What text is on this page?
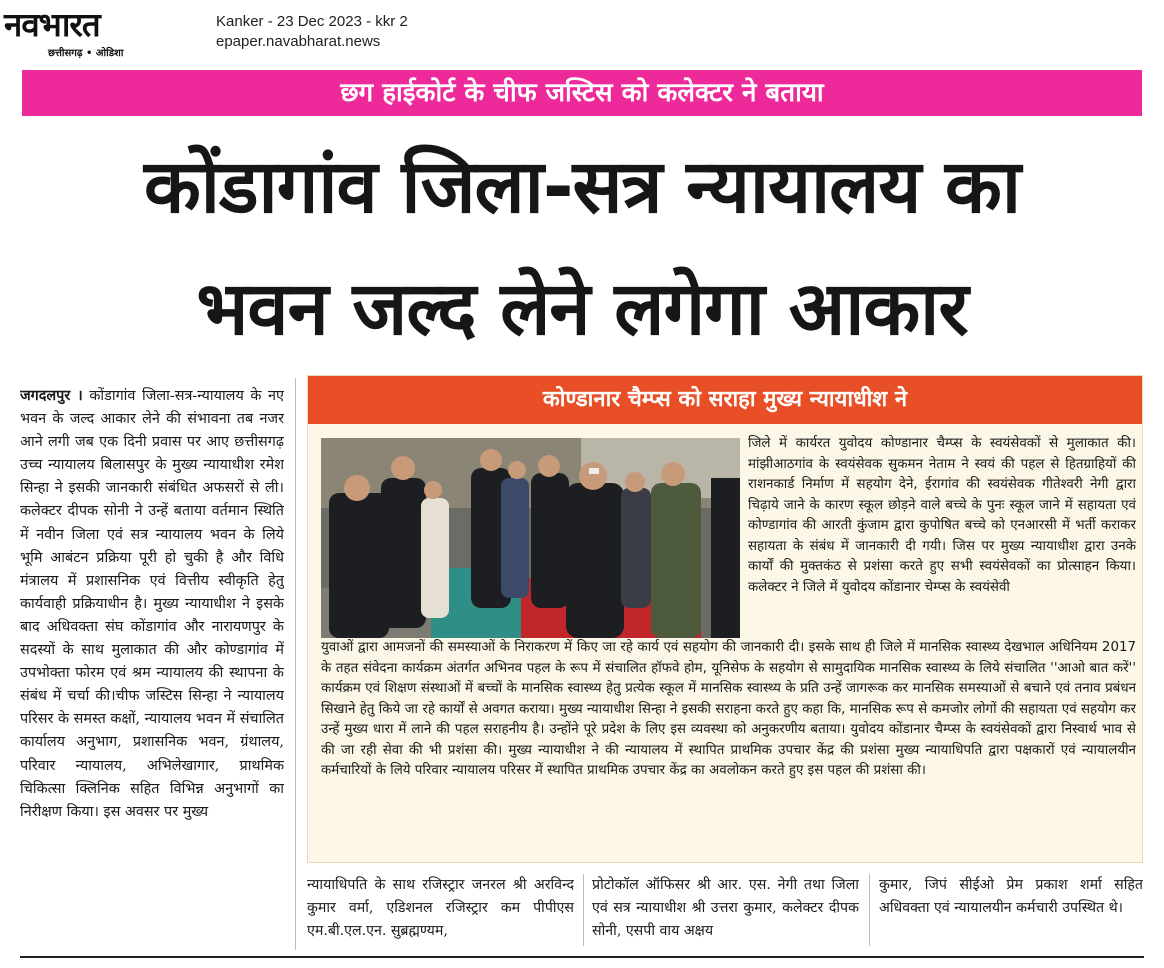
नवभारत
छत्तीसगढ़ • ओडिशा
Kanker - 23 Dec 2023 - kkr 2
epaper.navabharat.news
छग हाईकोर्ट के चीफ जस्टिस को कलेक्टर ने बताया
कोंडागांव जिला-सत्र न्यायालय का
भवन जल्द लेने लगेगा आकार
जगदलपुर । कोंडागांव जिला-सत्र-न्यायालय के नए भवन के जल्द आकार लेने की संभावना तब नजर आने लगी जब एक दिनी प्रवास पर आए छत्तीसगढ़ उच्च न्यायालय बिलासपुर के मुख्य न्यायाधीश रमेश सिन्हा ने इसकी जानकारी संबंधित अफसरों से ली। कलेक्टर दीपक सोनी ने उन्हें बताया वर्तमान स्थिति में नवीन जिला एवं सत्र न्यायालय भवन के लिये भूमि आबंटन प्रक्रिया पूरी हो चुकी है और विधि मंत्रालय में प्रशासनिक एवं वित्तीय स्वीकृति हेतु कार्यवाही प्रक्रियाधीन है। मुख्य न्यायाधीश ने इसके बाद अधिवक्ता संघ कोंडागांव और नारायणपुर के सदस्यों के साथ मुलाकात की और कोण्डागांव में उपभोक्ता फोरम एवं श्रम न्यायालय की स्थापना के संबंध में चर्चा की।चीफ जस्टिस सिन्हा ने न्यायालय परिसर के समस्त कक्षों, न्यायालय भवन में संचालित कार्यालय अनुभाग, प्रशासनिक भवन, ग्रंथालय, परिवार न्यायालय, अभिलेखागार, प्राथमिक चिकित्सा क्लिनिक सहित विभिन्न अनुभागों का निरीक्षण किया। इस अवसर पर मुख्य
कोण्डानार चैम्प्स को सराहा मुख्य न्यायाधीश ने
जिले में कार्यरत युवोदय कोण्डानार चैम्प्स के स्वयंसेवकों से मुलाकात की। मांझीआठगांव के स्वयंसेवक सुकमन नेताम ने स्वयं की पहल से हितग्राहियों की राशनकार्ड निर्माण में सहयोग देने, ईरागांव की स्वयंसेवक गीतेश्वरी नेगी द्वारा चिढ़ाये जाने के कारण स्कूल छोड़ने वाले बच्चे के पुनः स्कूल जाने में सहायता एवं कोण्डागांव की आरती कुंजाम द्वारा कुपोषित बच्चे को एनआरसी में भर्ती कराकर सहायता के संबंध में जानकारी दी गयी। जिस पर मुख्य न्यायाधीश द्वारा उनके कार्यों की मुक्तकंठ से प्रशंसा करते हुए सभी स्वयंसेवकों का प्रोत्साहन किया। कलेक्टर ने जिले में युवोदय कोंडानार चेम्प्स के स्वयंसेवी
युवाओं द्वारा आमजनों की समस्याओं के निराकरण में किए जा रहे कार्य एवं सहयोग की जानकारी दी। इसके साथ ही जिले में मानसिक स्वास्थ्य देखभाल अधिनियम 2017 के तहत संवेदना कार्यक्रम अंतर्गत अभिनव पहल के रूप में संचालित हॉफवे होम, यूनिसेफ के सहयोग से सामुदायिक मानसिक स्वास्थ्य के लिये संचालित ''आओ बात करें'' कार्यक्रम एवं शिक्षण संस्थाओं में बच्चों के मानसिक स्वास्थ्य हेतु प्रत्येक स्कूल में मानसिक स्वास्थ्य के प्रति उन्हें जागरूक कर मानसिक समस्याओं से बचाने एवं तनाव प्रबंधन सिखाने हेतु किये जा रहे कार्यों से अवगत कराया। मुख्य न्यायाधीश सिन्हा ने इसकी सराहना करते हुए कहा कि, मानसिक रूप से कमजोर लोगों की सहायता एवं सहयोग कर उन्हें मुख्य धारा में लाने की पहल सराहनीय है। उन्होंने पूरे प्रदेश के लिए इस व्यवस्था को अनुकरणीय बताया। युवोदय कोंडानार चैम्प्स के स्वयंसेवकों द्वारा निस्वार्थ भाव से की जा रही सेवा की भी प्रशंसा की। मुख्य न्यायाधीश ने की न्यायालय में स्थापित प्राथमिक उपचार केंद्र की प्रशंसा मुख्य न्यायाधिपति द्वारा पक्षकारों एवं न्यायालयीन कर्मचारियों के लिये परिवार न्यायालय परिसर में स्थापित प्राथमिक उपचार केंद्र का अवलोकन करते हुए इस पहल की प्रशंसा की।
न्यायाधिपति के साथ रजिस्ट्रार जनरल श्री अरविन्द कुमार वर्मा, एडिशनल रजिस्ट्रार कम पीपीएस एम.बी.एल.एन. सुब्रह्मण्यम,
प्रोटोकॉल ऑफिसर श्री आर. एस. नेगी तथा जिला एवं सत्र न्यायाधीश श्री उत्तरा कुमार, कलेक्टर दीपक सोनी, एसपी वाय अक्षय
कुमार, जिपं सीईओ प्रेम प्रकाश शर्मा सहित अधिवक्ता एवं न्यायालयीन कर्मचारी उपस्थित थे।
